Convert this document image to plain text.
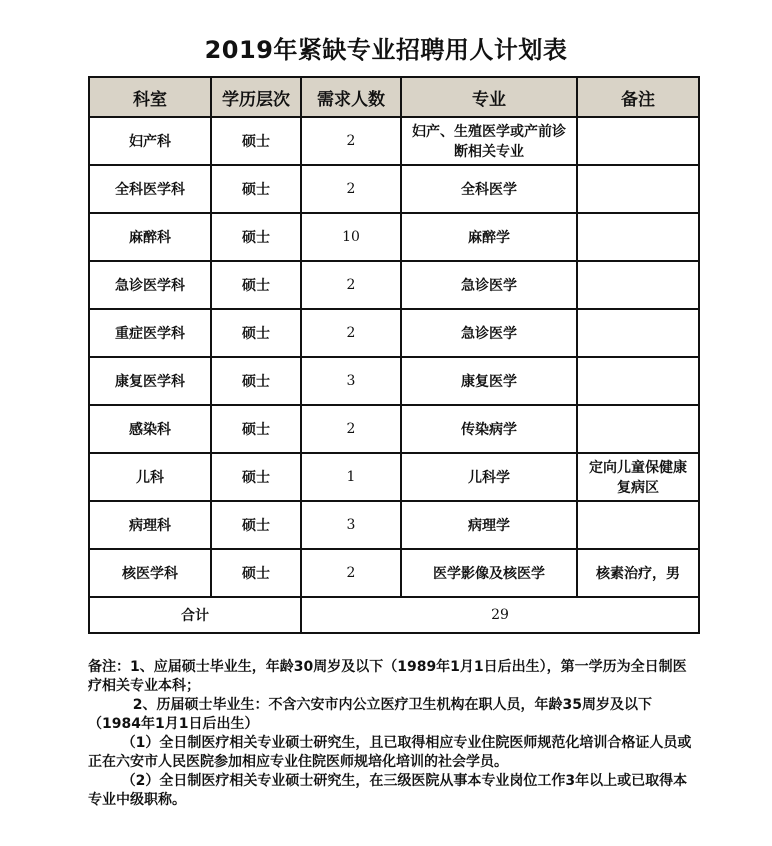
2019年紧缺专业招聘用人计划表
科室	学历层次	需求人数	专业	备注
妇产科	硕士	2	妇产、生殖医学或产前诊断相关专业	
全科医学科	硕士	2	全科医学	
麻醉科	硕士	10	麻醉学	
急诊医学科	硕士	2	急诊医学	
重症医学科	硕士	2	急诊医学	
康复医学科	硕士	3	康复医学	
感染科	硕士	2	传染病学	
儿科	硕士	1	儿科学	定向儿童保健康复病区
病理科	硕士	3	病理学	
核医学科	硕士	2	医学影像及核医学	核素治疗，男
合计		29		

备注：1、应届硕士毕业生，年龄30周岁及以下（1989年1月1日后出生），第一学历为全日制医疗相关专业本科；

2、历届硕士毕业生：不含六安市内公立医疗卫生机构在职人员，年龄35周岁及以下（1984年1月1日后出生）

（1）全日制医疗相关专业硕士研究生，且已取得相应专业住院医师规范化培训合格证人员或正在六安市人民医院参加相应专业住院医师规培化培训的社会学员。

（2）全日制医疗相关专业硕士研究生，在三级医院从事本专业岗位工作3年以上或已取得本专业中级职称。
